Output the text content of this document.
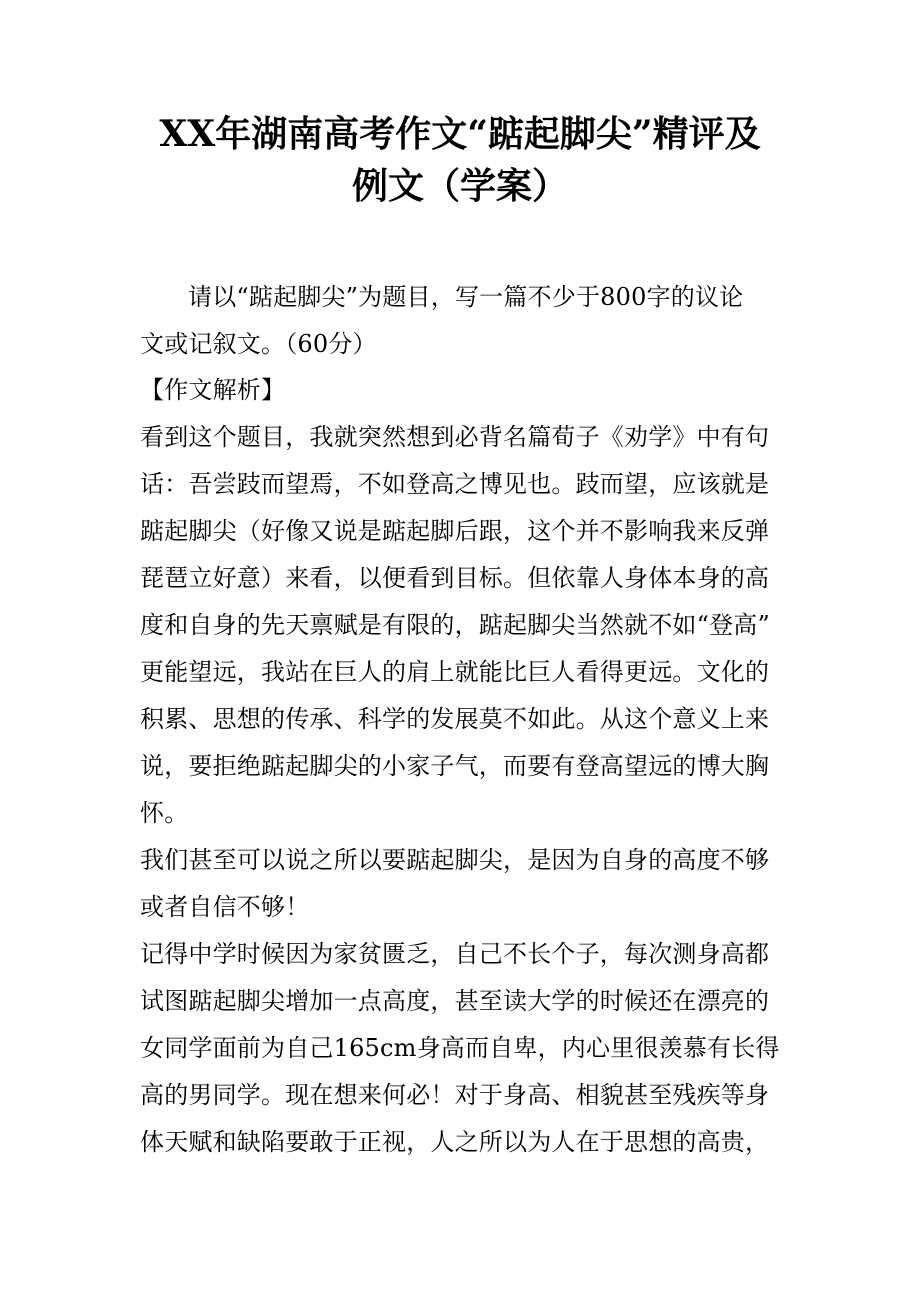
XX年湖南高考作文“踮起脚尖”精评及
例文（学案）

请以“踮起脚尖”为题目，写一篇不少于800字的议论

文或记叙文。（60分）

【作文解析】

看到这个题目，我就突然想到必背名篇荀子《劝学》中有句

话：吾尝跂而望焉，不如登高之博见也。跂而望，应该就是

踮起脚尖（好像又说是踮起脚后跟，这个并不影响我来反弹

琵琶立好意）来看，以便看到目标。但依靠人身体本身的高

度和自身的先天禀赋是有限的，踮起脚尖当然就不如“登高”

更能望远，我站在巨人的肩上就能比巨人看得更远。文化的

积累、思想的传承、科学的发展莫不如此。从这个意义上来

说，要拒绝踮起脚尖的小家子气，而要有登高望远的博大胸

怀。

我们甚至可以说之所以要踮起脚尖，是因为自身的高度不够

或者自信不够！

记得中学时候因为家贫匮乏，自己不长个子，每次测身高都

试图踮起脚尖增加一点高度，甚至读大学的时候还在漂亮的

女同学面前为自己165cm身高而自卑，内心里很羡慕有长得

高的男同学。现在想来何必！对于身高、相貌甚至残疾等身

体天赋和缺陷要敢于正视，人之所以为人在于思想的高贵，
